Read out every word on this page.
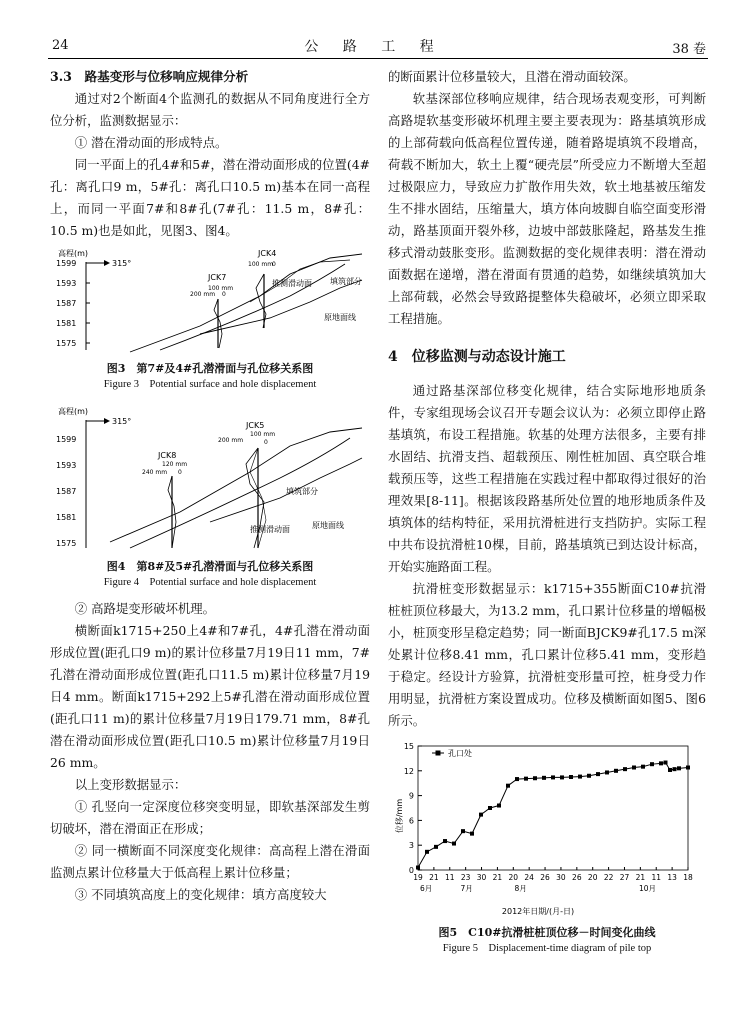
24	公 路 工 程	38 卷

3.3　路基变形与位移响应规律分析

通过对2个断面4个监测孔的数据从不同角度进行全方位分析，监测数据显示：

① 潜在滑动面的形成特点。

同一平面上的孔4#和5#，潜在滑动面形成的位置(4#孔：离孔口9 m，5#孔：离孔口10.5 m)基本在同一高程上，而同一平面7#和8#孔(7#孔：11.5 m，8#孔：10.5 m)也是如此，见图3、图4。

高程(m)
315°
1599
1593
1587
1581
1575
JCK7
JCK4
100 mm
200 mm
100 mm
0
0
推测滑动面 填筑部分
原地面线
图3　第7#及4#孔潜滑面与孔位移关系图
Figure 3　Potential surface and hole displacement
高程(m)
315°
1599
1593
1587
1581
1575
JCK8
JCK5
240 mm
120 mm
200 mm
100 mm
0
0
填筑部分
推测滑动面	原地面线
图4　第8#及5#孔潜滑面与孔位移关系图
Figure 4　Potential surface and hole displacement

② 高路堤变形破坏机理。

横断面k1715+250上4#和7#孔，4#孔潜在滑动面形成位置(距孔口9 m)的累计位移量7月19日11 mm，7#孔潜在滑动面形成位置(距孔口11.5 m)累计位移量7月19日4 mm。断面k1715+292上5#孔潜在滑动面形成位置(距孔口11 m)的累计位移量7月19日179.71 mm，8#孔潜在滑动面形成位置(距孔口10.5 m)累计位移量7月19日26 mm。

以上变形数据显示：

① 孔竖向一定深度位移突变明显，即软基深部发生剪切破坏，潜在滑面正在形成；

② 同一横断面不同深度变化规律：高高程上潜在滑面监测点累计位移量大于低高程上累计位移量；

③ 不同填筑高度上的变化规律：填方高度较大

的断面累计位移量较大，且潜在滑动面较深。

软基深部位移响应规律，结合现场表观变形，可判断高路堤软基变形破坏机理主要主要表现为：路基填筑形成的上部荷载向低高程位置传递，随着路堤填筑不段增高，荷载不断加大，软土上覆“硬壳层”所受应力不断增大至超过极限应力，导致应力扩散作用失效，软土地基被压缩发生不排水固结，压缩量大，填方体向坡脚自临空面变形滑动，路基顶面开裂外移，边坡中部鼓胀隆起，路基发生推移式滑动鼓胀变形。监测数据的变化规律表明：潜在滑动面数据在递增，潜在滑面有贯通的趋势，如继续填筑加大上部荷载，必然会导致路提整体失稳破坏，必须立即采取工程措施。

4　位移监测与动态设计施工

通过路基深部位移变化规律，结合实际地形地质条件，专家组现场会议召开专题会议认为：必须立即停止路基填筑，布设工程措施。软基的处理方法很多，主要有排水固结、抗滑支挡、超载预压、刚性桩加固、真空联合堆载预压等，这些工程措施在实践过程中都取得过很好的治理效果[8-11]。根据该段路基所处位置的地形地质条件及填筑体的结构特征，采用抗滑桩进行支挡防护。实际工程中共布设抗滑桩10棵，目前，路基填筑已到达设计标高，开始实施路面工程。

抗滑桩变形数据显示：k1715+355断面C10#抗滑桩桩顶位移最大，为13.2 mm，孔口累计位移量的增幅极小，桩顶变形呈稳定趋势；同一断面BJCK9#孔17.5 m深处累计位移8.41 mm，孔口累计位移5.41 mm，变形趋于稳定。经设计方验算，抗滑桩变形量可控，桩身受力作用明显，抗滑桩方案设置成功。位移及横断面如图5、图6所示。

0
3
6
9
12
15
19 21 11 23 30 21 20 24 26 30 26 20 22 27 21 11 13 18
6月	7月	8月	10月
2012年日期/(月-日)
位移/mm
孔口处
图5　C10#抗滑桩桩顶位移－时间变化曲线
Figure 5　Displacement-time diagram of pile top
